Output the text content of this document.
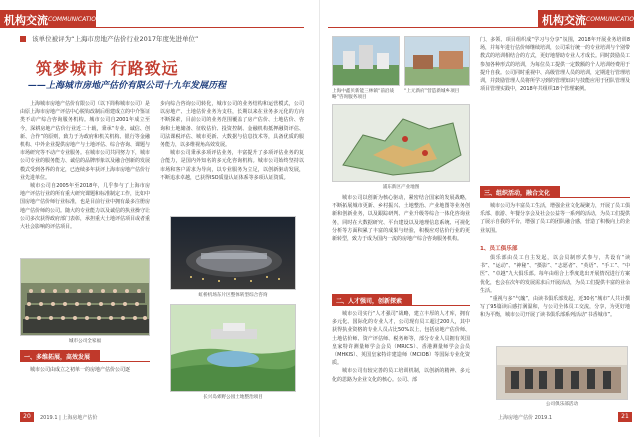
机构交流 COMMUNICATION
该单位被评为“上海市房地产估价行业2017年度先进单位”
筑梦城市 行路致远
——上海城市房地产估价有限公司十九年发展历程

上海城市房地产估价有限公司（以下简称城市公司）是由原上海市房地产评估中心脱钩改制后组建成立的中介鉴证类不动产综合咨询服务机构。城市公司自2001年成立至今，深耕房地产估价行业近二十载，秉承“专业、诚信、创新、合作”的原则，致力于为政府和机关机构、银行等金融机构、中外企业提供房地产与土地评估、综合咨询、课题与市场研究等不动产专业服务。在城市公司共同努力下，城市公司专业的服务能力、诚信的品牌形象以及融合创新的发展模式受到各界的肯定，已连续多年获评上海市房地产估价行业先进单位。

城市公司自2005年至2018年，几乎参与了上海市房地产评估行业的所有重大研究课题和标准制定工作，比如中国房地产估价师行业标准，也是目前行业中拥有最多注册房地产估价师的公司。随大的专业能力以及诚信的执业操守让公司多次获得政府部门表彰，承担重大土地评估项目或者重大社会影响的评估项目。

城市公司全家福
一、多维拓展，高效发展

城市公司由成立之初单一的房地产估价公司逐

步向综合咨询公司转化，城市公司的业务结构和运营模式，公司以房地产、土地估价业务为支柱，长期以来在业务多元化的方向不断探索，目前公司的业务范围覆盖了房产估价、土地估价、咨询和土地储备、征收估价、投资控制、金融机构抵押融资评估、司法课税评估、城市更新、大数据与信息技术等，具备优质的服务能力，以多维视角高效发展。

城市公司秉承多项评估业务，丰富提升了多项评估业务的复合能力，是国内外知名的多元化咨询机构。城市公司始终坚持以市场和客户需求为导向，以专业服务为立足，以创新驱动发展，不断追求卓越，已获得ISO质量认证体系等多项认证资质。

虹桥机场东片区整体转型综合咨询
长兴岛郊野公园土地整治项目
20	2019.1 | 上海房地产估价
机构交流 COMMUNICATION
上海中鑫贝新能三林镇“前沿战略”咨询服务项目
“上元新府”营造新城乡项目
浦东新区产业地图

城市公司以创新为核心驱动，紧密结合国家的发展战略，不断拓展城市更新、乡村振兴、土地整治、产业地图等业务创新和创新业务，以及跟踪研判、产业升级等综合一体化咨询业务，同时在大数据研究、平台建设以及地理信息系统、可视化分析等方面积累了丰富的成果与经验，积极应对估价行业的更新转型，致力于成为国内一流的房地产综合咨询服务机构。

二、人才强司，创新探索

城市公司实行“人才强司”战略，建立丰厚的人才库，拥有多元化、国际化的专业人才，公司现有员工超过200人，其中获得执业资格的专业人员占比50%以上，包括房地产估价师、土地估价师、资产评估师、税务师等，部分专业人员拥有英国皇家特许测量师学会会员（MRICS）、香港测量师学会会员（MHKIS）、英国皇家特许建造师（MCIOB）等国际专业化资质。

城市公司有较完善的员工培训机制，以创新的精神、多元化的思路为企业文化的核心。公司、部

门、多领、项目组织成“学习与分享”氛围，2018年开展业务培训8场，并每年进行估价师继续培训，公司采行统一的专业培训与个别带教式的培训相结合的方式，更好地帮助专业人才成长。同时鼓励员工参加各种形式的培训，为每位员工提供一定数额的个人培训经费用于提升自我。公司同时重视中、高级管理人员的培训，定期进行管理培训，并鼓励管理人员将所学习到的管理知识与技能应用于团队管理及项目管理实践中，2018年共组织18个管理案例。

三、组织活动，融合文化

城市公司为丰富员工生活，增强企业文化凝聚力，开展了员工俱乐部、旅游、年餐分享会及社会公益等一系列的活动，为员工们提供了展示自我的平台，增强了员工的团队融合感，营造了积极向上的企业氛围。

1、员工俱乐部

俱乐部由员工自主发起，以会员制形式参与，共设有“读书”、“运动”、“神秘”、“摄影”、“志愿者”、“英语”、“手工”、“中医”、“卓越”九大俱乐部。每年由组合上季度选出开展情况进行方案优化，也会在次年的发展需求后开展活动，为员工们提供丰富的业余生活。

“重视与多“气魄”，由读书俱乐部发起，近30名“城市”人共计撰写了95篇读后感打满温和，与公司全体员工交流，分享，为更好地和为平衡，城市公司开展了读书俱乐部系列活动“书香城市”。

公司俱乐部活动
上海房地产估价 2019.1	21
